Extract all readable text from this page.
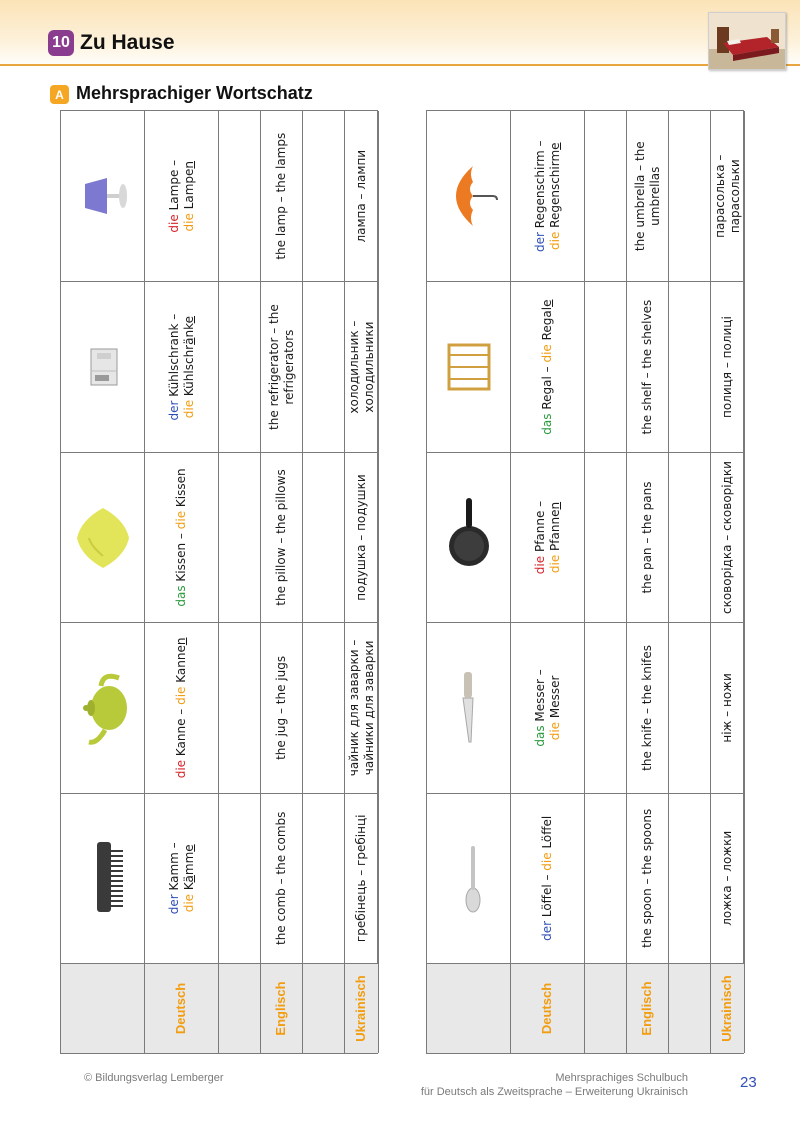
10 Zu Hause
A Mehrsprachiger Wortschatz
Deutsch
der Kamm –
die Kämme
die Kanne – die Kannen
das Kissen – die Kissen
der Kühlschrank –
die Kühlschränke
die Lampe –
die Lampen
Englisch
the comb – the combs
the jug – the jugs
the pillow – the pillows
the refrigerator – the refrigerators
the lamp – the lamps
Ukrainisch
гребінець – гребінці
чайник для заварки – чайники для заварки
подушка – подушки
холодильник – холодильники
лампа – лампи
Deutsch
der Löffel – die Löffel
das Messer –
die Messer
die Pfanne –
die Pfannen
das Regal – die Regale
der Regenschirm –
die Regenschirme
Englisch
the spoon – the spoons
the knife – the knifes
the pan – the pans
the shelf – the shelves
the umbrella – the umbrellas
Ukrainisch
ложка – ложки
ніж – ножи
сковорідка – сковорідки
полиця – полиці
парасолька – парасольки
© Bildungsverlag Lemberger	Mehrsprachiges Schulbuch
für Deutsch als Zweitsprache – Erweiterung Ukrainisch
23
